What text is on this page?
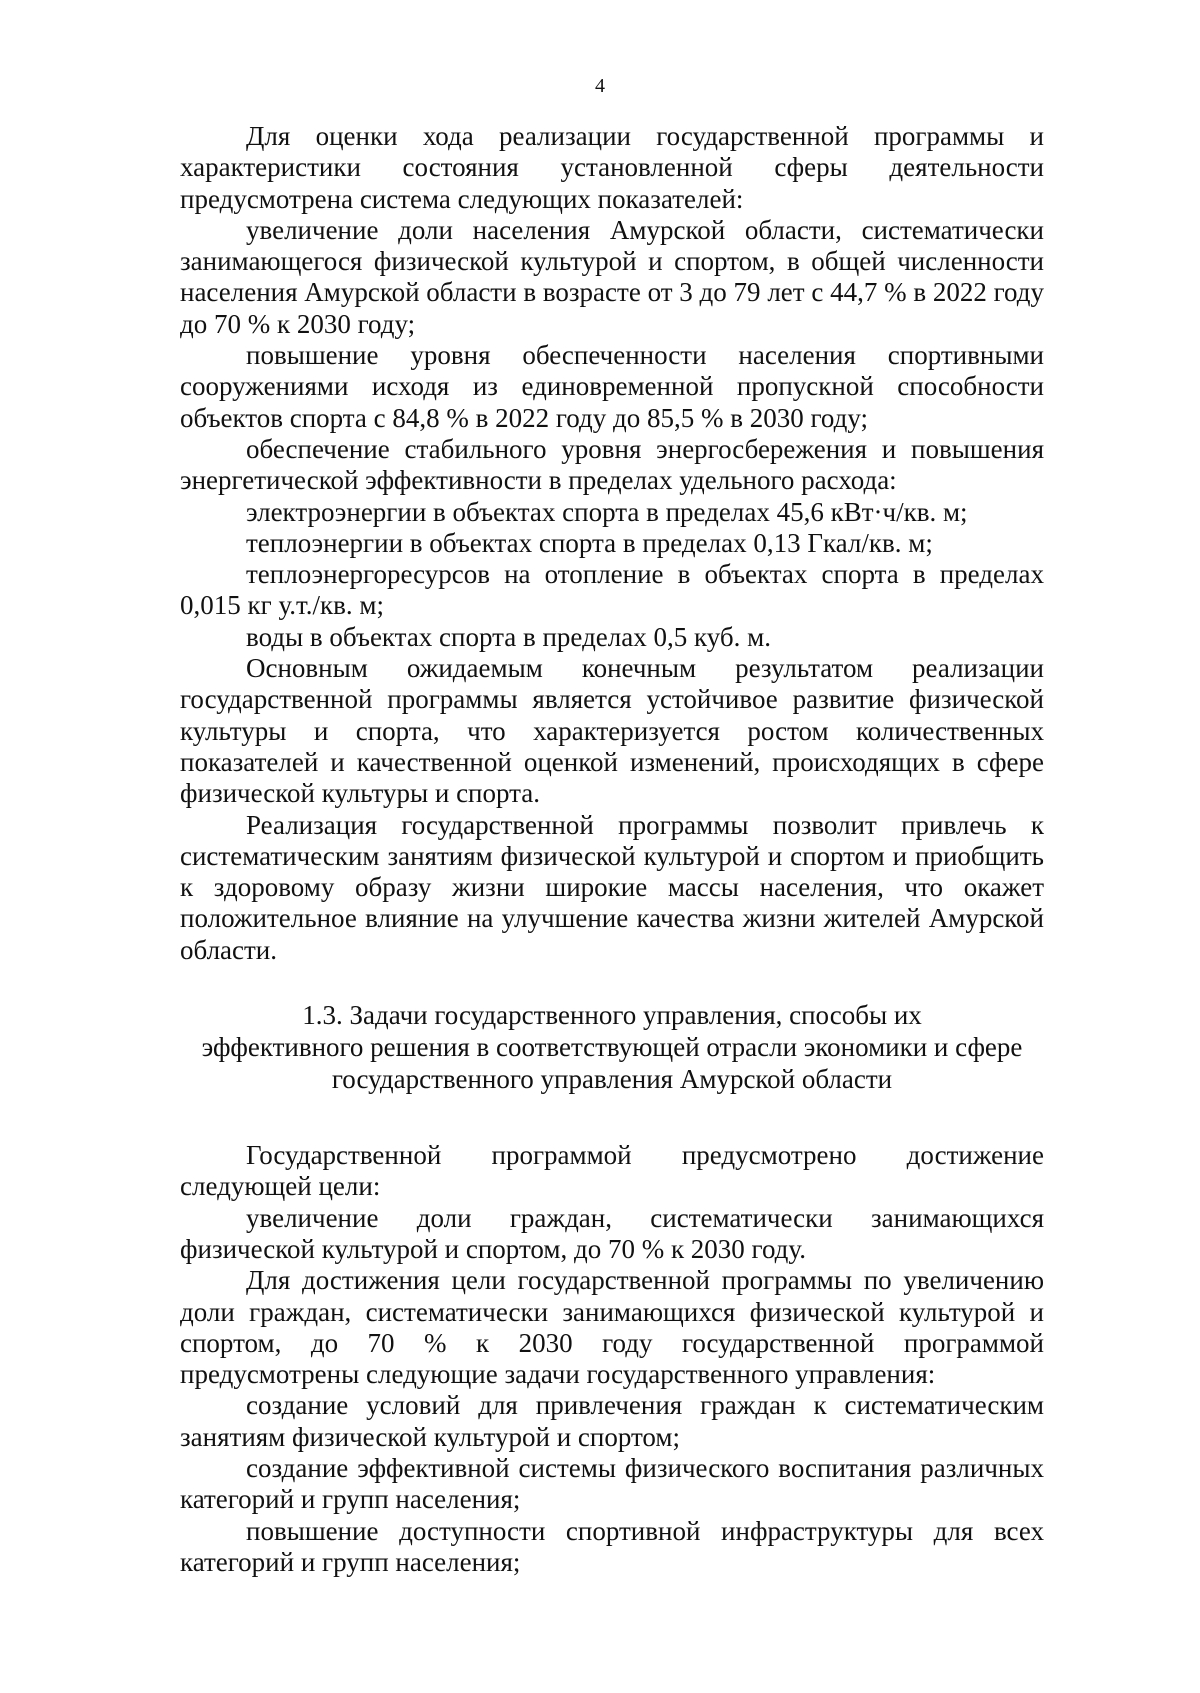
4

Для оценки хода реализации государственной программы и характеристики состояния установленной сферы деятельности предусмотрена система следующих показателей:

увеличение доли населения Амурской области, систематически занимающегося физической культурой и спортом, в общей численности населения Амурской области в возрасте от 3 до 79 лет с 44,7 % в 2022 году до 70 % к 2030 году;

повышение уровня обеспеченности населения спортивными сооружениями исходя из единовременной пропускной способности объектов спорта с 84,8 % в 2022 году до 85,5 % в 2030 году;

обеспечение стабильного уровня энергосбережения и повышения энергетической эффективности в пределах удельного расхода:

электроэнергии в объектах спорта в пределах 45,6 кВт·ч/кв. м;

теплоэнергии в объектах спорта в пределах 0,13 Гкал/кв. м;

теплоэнергоресурсов на отопление в объектах спорта в пределах 0,015 кг у.т./кв. м;

воды в объектах спорта в пределах 0,5 куб. м.

Основным ожидаемым конечным результатом реализации государственной программы является устойчивое развитие физической культуры и спорта, что характеризуется ростом количественных показателей и качественной оценкой изменений, происходящих в сфере физической культуры и спорта.

Реализация государственной программы позволит привлечь к систематическим занятиям физической культурой и спортом и приобщить к здоровому образу жизни широкие массы населения, что окажет положительное влияние на улучшение качества жизни жителей Амурской области.

1.3. Задачи государственного управления, способы их
эффективного решения в соответствующей отрасли экономики и сфере
государственного управления Амурской области

Государственной программой предусмотрено достижение следующей цели:

увеличение доли граждан, систематически занимающихся физической культурой и спортом, до 70 % к 2030 году.

Для достижения цели государственной программы по увеличению доли граждан, систематически занимающихся физической культурой и спортом, до 70 % к 2030 году государственной программой предусмотрены следующие задачи государственного управления:

создание условий для привлечения граждан к систематическим занятиям физической культурой и спортом;

создание эффективной системы физического воспитания различных категорий и групп населения;

повышение доступности спортивной инфраструктуры для всех категорий и групп населения;
